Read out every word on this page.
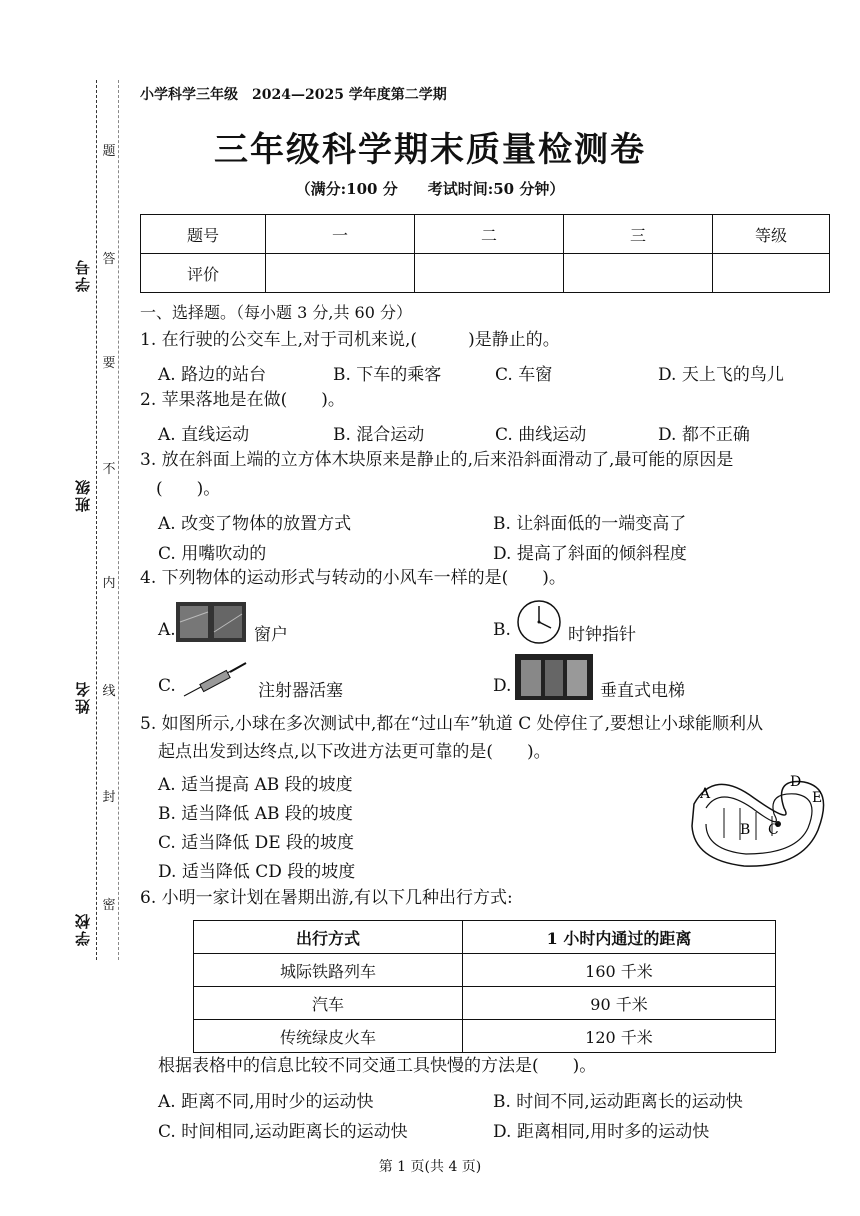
题
答
要
不
内
线
封
密
学号
班级
姓名
学校
小学科学三年级　2024—2025 学年度第二学期
三年级科学期末质量检测卷
（满分:100 分　　考试时间:50 分钟）
题号	一	二	三	等级
评价				
一、选择题。（每小题 3 分,共 60 分）
1. 在行驶的公交车上,对于司机来说,(　　　)是静止的。
A. 路边的站台	B. 下车的乘客	C. 车窗	D. 天上飞的鸟儿
2. 苹果落地是在做(　　)。
A. 直线运动	B. 混合运动	C. 曲线运动	D. 都不正确
3. 放在斜面上端的立方体木块原来是静止的,后来沿斜面滑动了,最可能的原因是
(　　)。
A. 改变了物体的放置方式	B. 让斜面低的一端变高了
C. 用嘴吹动的	D. 提高了斜面的倾斜程度
4. 下列物体的运动形式与转动的小风车一样的是(　　)。
A.	窗户	B.	时钟指针
C.	注射器活塞	D.	垂直式电梯
5. 如图所示,小球在多次测试中,都在“过山车”轨道 C 处停住了,要想让小球能顺利从
起点出发到达终点,以下改进方法更可靠的是(　　)。
A. 适当提高 AB 段的坡度
B. 适当降低 AB 段的坡度
C. 适当降低 DE 段的坡度
D. 适当降低 CD 段的坡度
A
B C
D
E
6. 小明一家计划在暑期出游,有以下几种出行方式:
出行方式	1 小时内通过的距离
城际铁路列车	160 千米
汽车	90 千米
传统绿皮火车	120 千米
根据表格中的信息比较不同交通工具快慢的方法是(　　)。
A. 距离不同,用时少的运动快	B. 时间不同,运动距离长的运动快
C. 时间相同,运动距离长的运动快	D. 距离相同,用时多的运动快
第 1 页(共 4 页)
